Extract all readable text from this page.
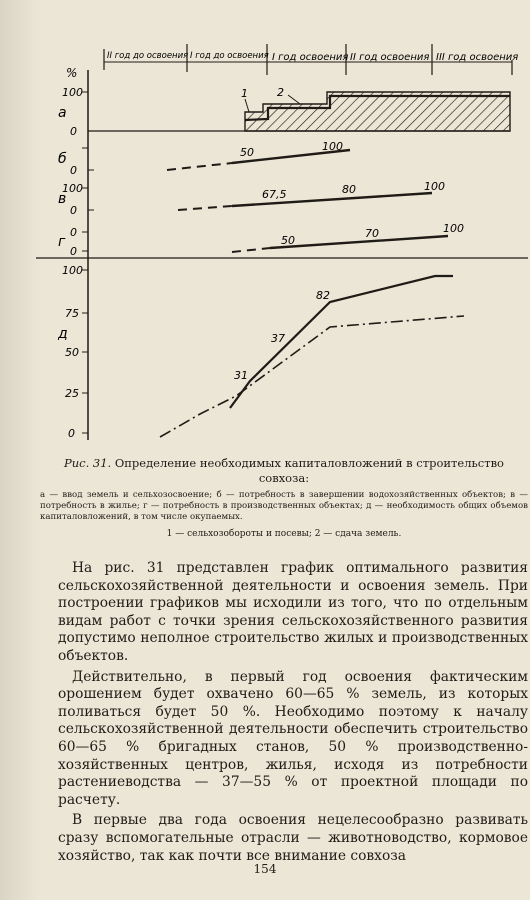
II год до освоения I год до освоения I год освоения II год освоения III год освоения
%
а
100
0
1	2
б
0
50	100
в
100
0
67,5	80	100
г
0
0
50
70	100
д
100
75
50
25
0
82
37
31
Рис. 31. Определение необходимых капиталовложений в строительство совхоза:
а — ввод земель и сельхозосвоение; б — потребность в завершении водохозяйственных объектов; в — потребность в жилье; г — потребность в производственных объектах; д — необходимость общих объемов капиталовложений, в том числе окупаемых.
1 — сельхозобороты и посевы; 2 — сдача земель.

На рис. 31 представлен график оптимального развития сельскохозяйственной деятельности и освоения земель. При построении графиков мы исходили из того, что по отдельным видам работ с точки зрения сельскохозяйственного развития допустимо неполное строительство жилых и производственных объектов.

Действительно, в первый год освоения фактическим орошением будет охвачено 60—65 % земель, из которых поливаться будет 50 %. Необходимо поэтому к началу сельскохозяйственной деятельности обеспечить строительство 60—65 % бригадных станов, 50 % производственно-хозяйственных центров, жилья, исходя из потребности растениеводства — 37—55 % от проектной площади по расчету.

В первые два года освоения нецелесообразно развивать сразу вспомогательные отрасли — животноводство, кормовое хозяйство, так как почти все внимание совхоза

154
